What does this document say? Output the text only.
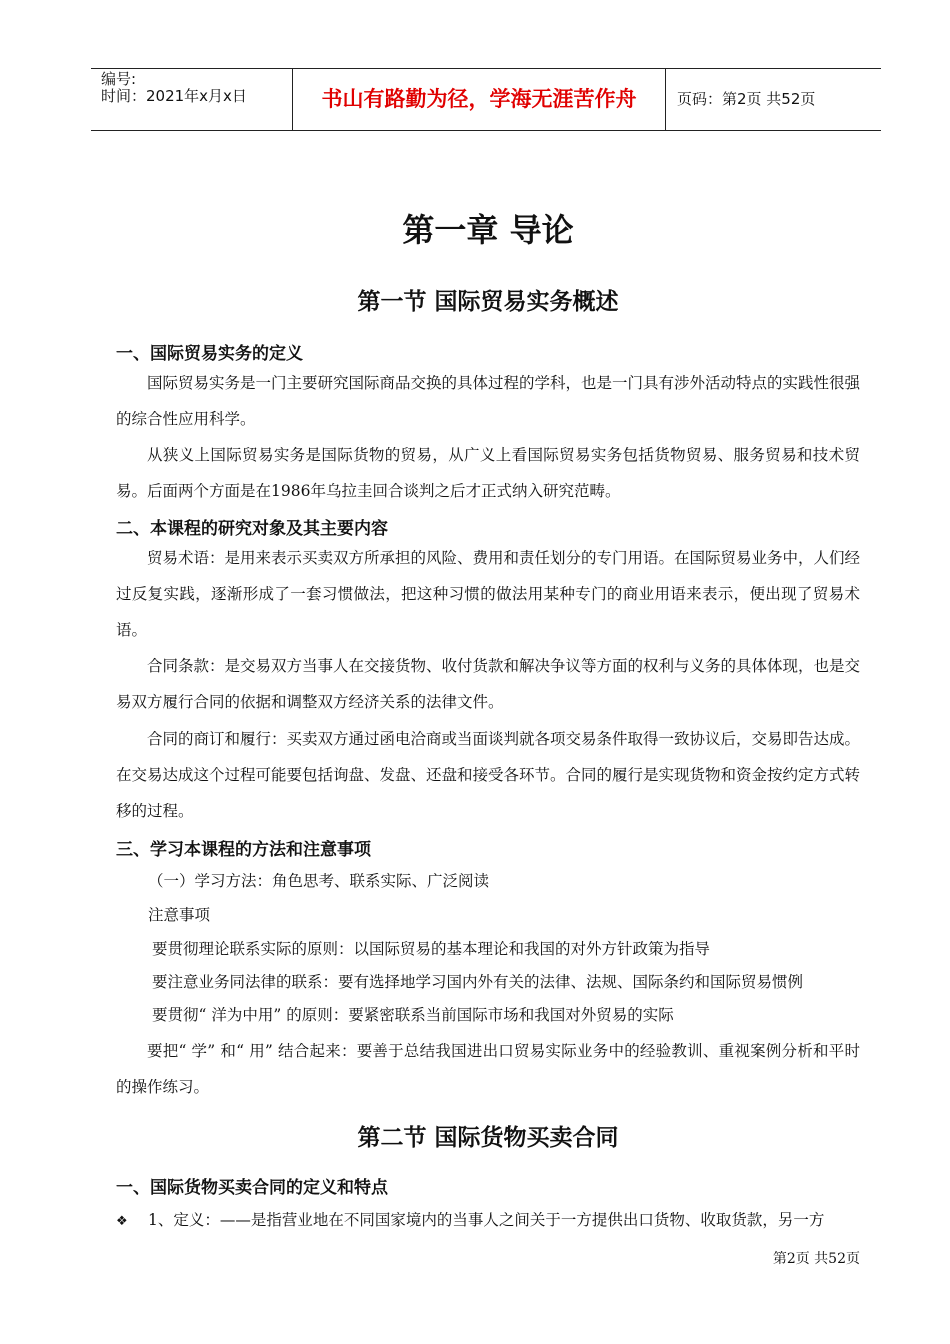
编号:
时间：2021年x月x日	书山有路勤为径，学海无涯苦作舟	页码：第2页 共52页
第一章 导论
第一节 国际贸易实务概述
一、国际贸易实务的定义

国际贸易实务是一门主要研究国际商品交换的具体过程的学科，也是一门具有涉外活动特点的实践性很强的综合性应用科学。

从狭义上国际贸易实务是国际货物的贸易，从广义上看国际贸易实务包括货物贸易、服务贸易和技术贸易。后面两个方面是在1986年乌拉圭回合谈判之后才正式纳入研究范畴。

二、本课程的研究对象及其主要内容

贸易术语：是用来表示买卖双方所承担的风险、费用和责任划分的专门用语。在国际贸易业务中，人们经过反复实践，逐渐形成了一套习惯做法，把这种习惯的做法用某种专门的商业用语来表示，便出现了贸易术语。

合同条款：是交易双方当事人在交接货物、收付货款和解决争议等方面的权利与义务的具体体现，也是交易双方履行合同的依据和调整双方经济关系的法律文件。

合同的商订和履行：买卖双方通过函电洽商或当面谈判就各项交易条件取得一致协议后，交易即告达成。在交易达成这个过程可能要包括询盘、发盘、还盘和接受各环节。合同的履行是实现货物和资金按约定方式转移的过程。

三、学习本课程的方法和注意事项
（一）学习方法：角色思考、联系实际、广泛阅读
注意事项
要贯彻理论联系实际的原则：以国际贸易的基本理论和我国的对外方针政策为指导
要注意业务同法律的联系：要有选择地学习国内外有关的法律、法规、国际条约和国际贸易惯例
要贯彻“ 洋为中用” 的原则：要紧密联系当前国际市场和我国对外贸易的实际

要把“ 学” 和“ 用” 结合起来：要善于总结我国进出口贸易实际业务中的经验教训、重视案例分析和平时的操作练习。

第二节 国际货物买卖合同
一、国际货物买卖合同的定义和特点
❖ 1、定义：——是指营业地在不同国家境内的当事人之间关于一方提供出口货物、收取货款，另一方
第2页 共52页
